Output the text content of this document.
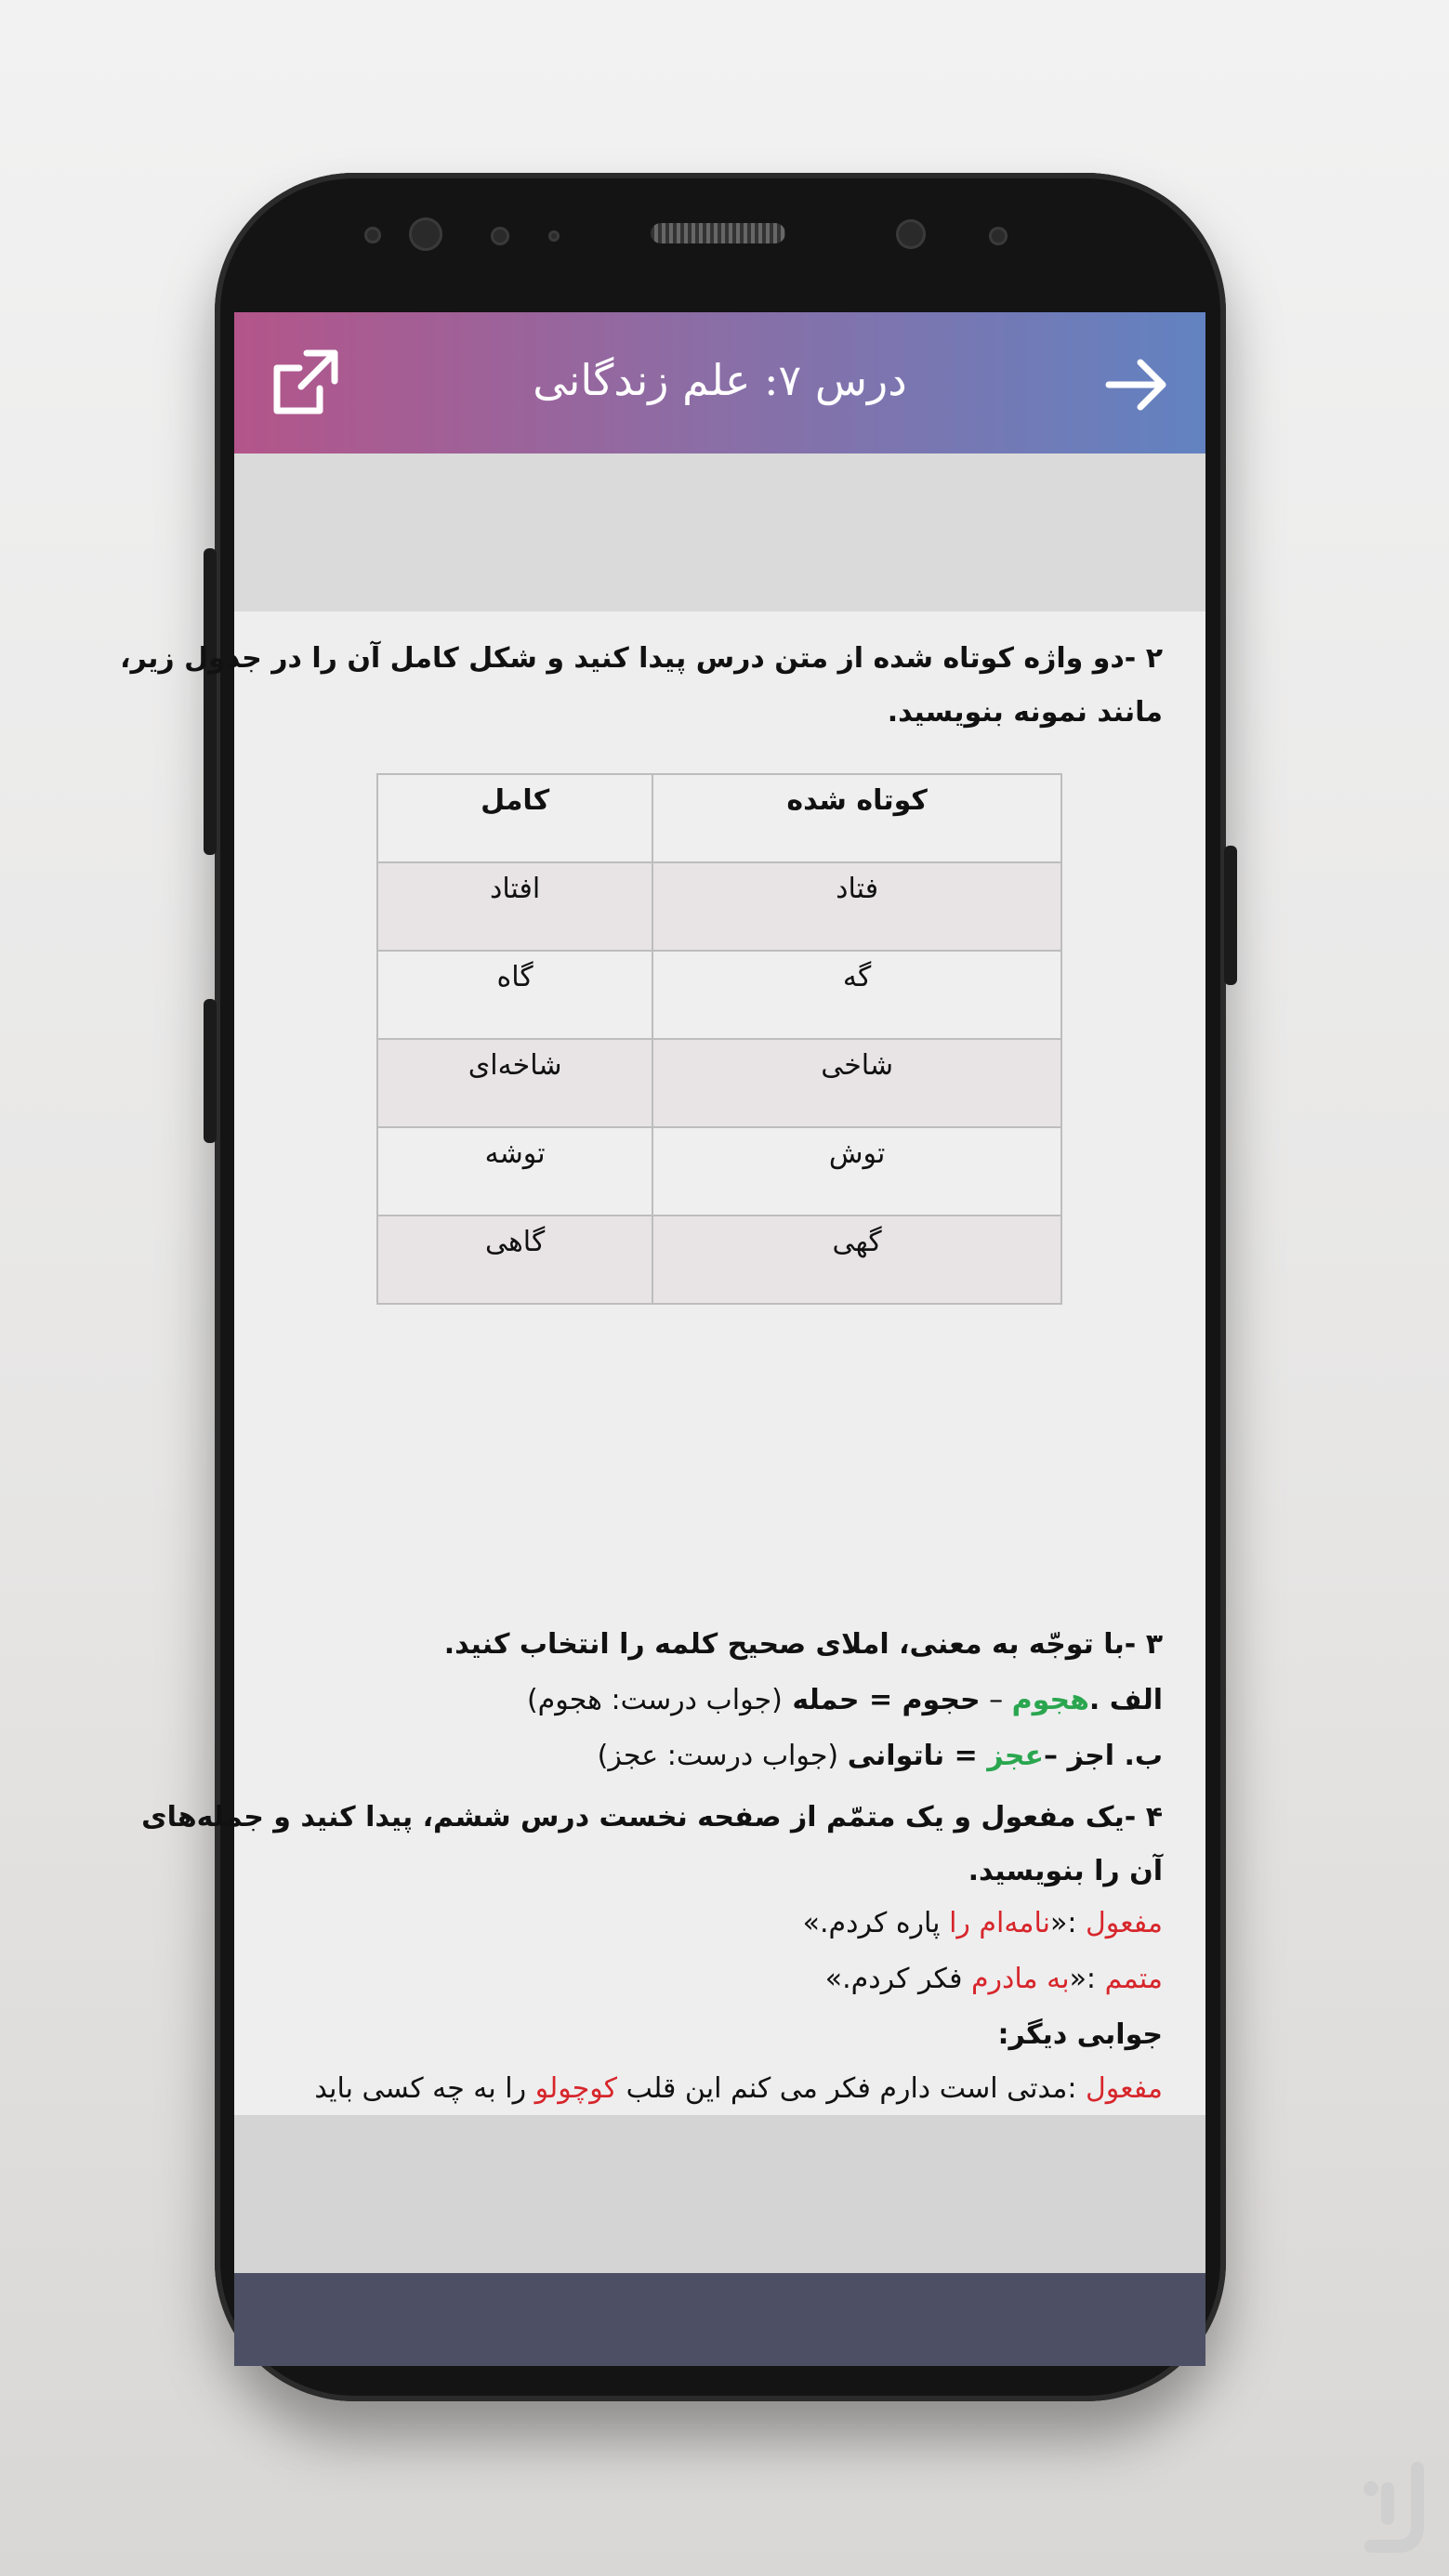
درس ۷: علم زندگانی
۲ -دو واژه کوتاه شده از متن درس پیدا کنید و شکل کامل آن را در جدول زیر،
مانند نمونه بنویسید.
کوتاه شده	کامل
فتاد	افتاد
گه	گاه
شاخی	شاخه‌ای
توش	توشه
گهی	گاهی
۳ -با توجّه به معنی، املای صحیح کلمه را انتخاب کنید.
الف .هجوم – حجوم = حمله (جواب درست: هجوم)
ب. اجز –عجز = ناتوانی (جواب درست: عجز)
۴ -یک مفعول و یک متمّم از صفحه نخست درس ششم، پیدا کنید و جمله‌های
آن را بنویسید.
مفعول :«نامه‌ام را پاره کردم.»
متمم :«به مادرم فکر کردم.»
جوابی دیگر:
مفعول :مدتی است دارم فکر می کنم این قلب کوچولو را به چه کسی باید
